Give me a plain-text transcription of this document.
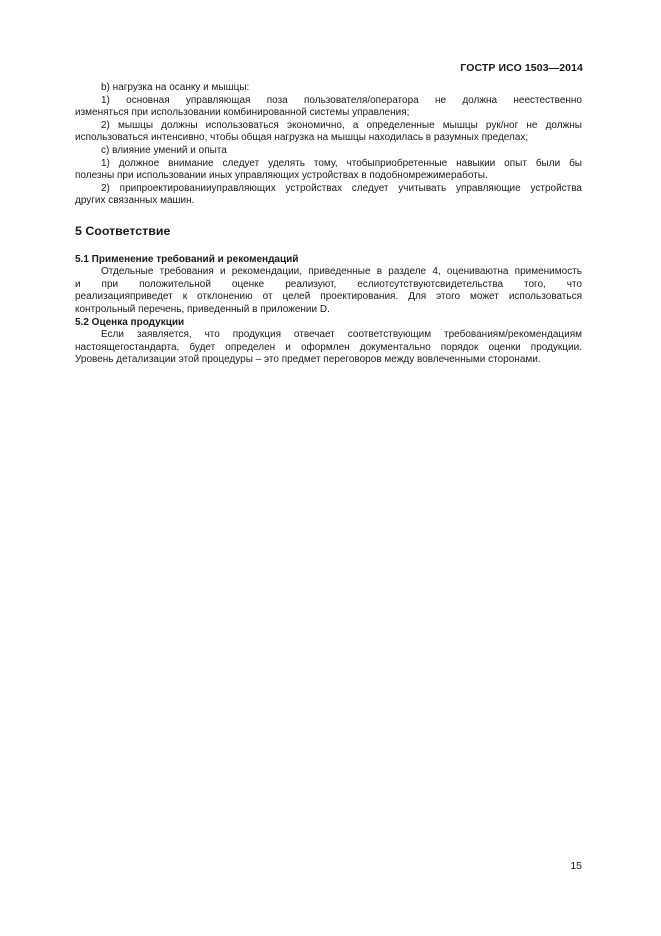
ГОСТР ИСО 1503—2014

b) нагрузка на осанку и мышцы:

1) основная управляющая поза пользователя/оператора не должна неестественно

изменяться при использовании комбинированной системы управления;

2) мышцы должны использоваться экономично, а определенные мышцы рук/ног не должны

использоваться интенсивно, чтобы общая нагрузка на мышцы находилась в разумных пределах;

c) влияние умений и опыта

1) должное внимание следует уделять тому, чтобыприобретенные навыкии опыт были бы

полезны при использовании иных управляющих устройствах в подобномрежимеработы.

2) припроектированииуправляющих устройствах следует учитывать управляющие устройства

других связанных машин.

5 Соответствие

5.1 Применение требований и рекомендаций

Отдельные требования и рекомендации, приведенные в разделе 4, оцениваютна применимость

и при положительной оценке реализуют, еслиотсутствуютсвидетельства того, что

реализацияприведет к отклонению от целей проектирования. Для этого может использоваться

контрольный перечень, приведенный в приложении D.

5.2 Оценка продукции

Если заявляется, что продукция отвечает соответствующим требованиям/рекомендациям

настоящегостандарта, будет определен и оформлен документально порядок оценки продукции.

Уровень детализации этой процедуры – это предмет переговоров между вовлеченными сторонами.

15
